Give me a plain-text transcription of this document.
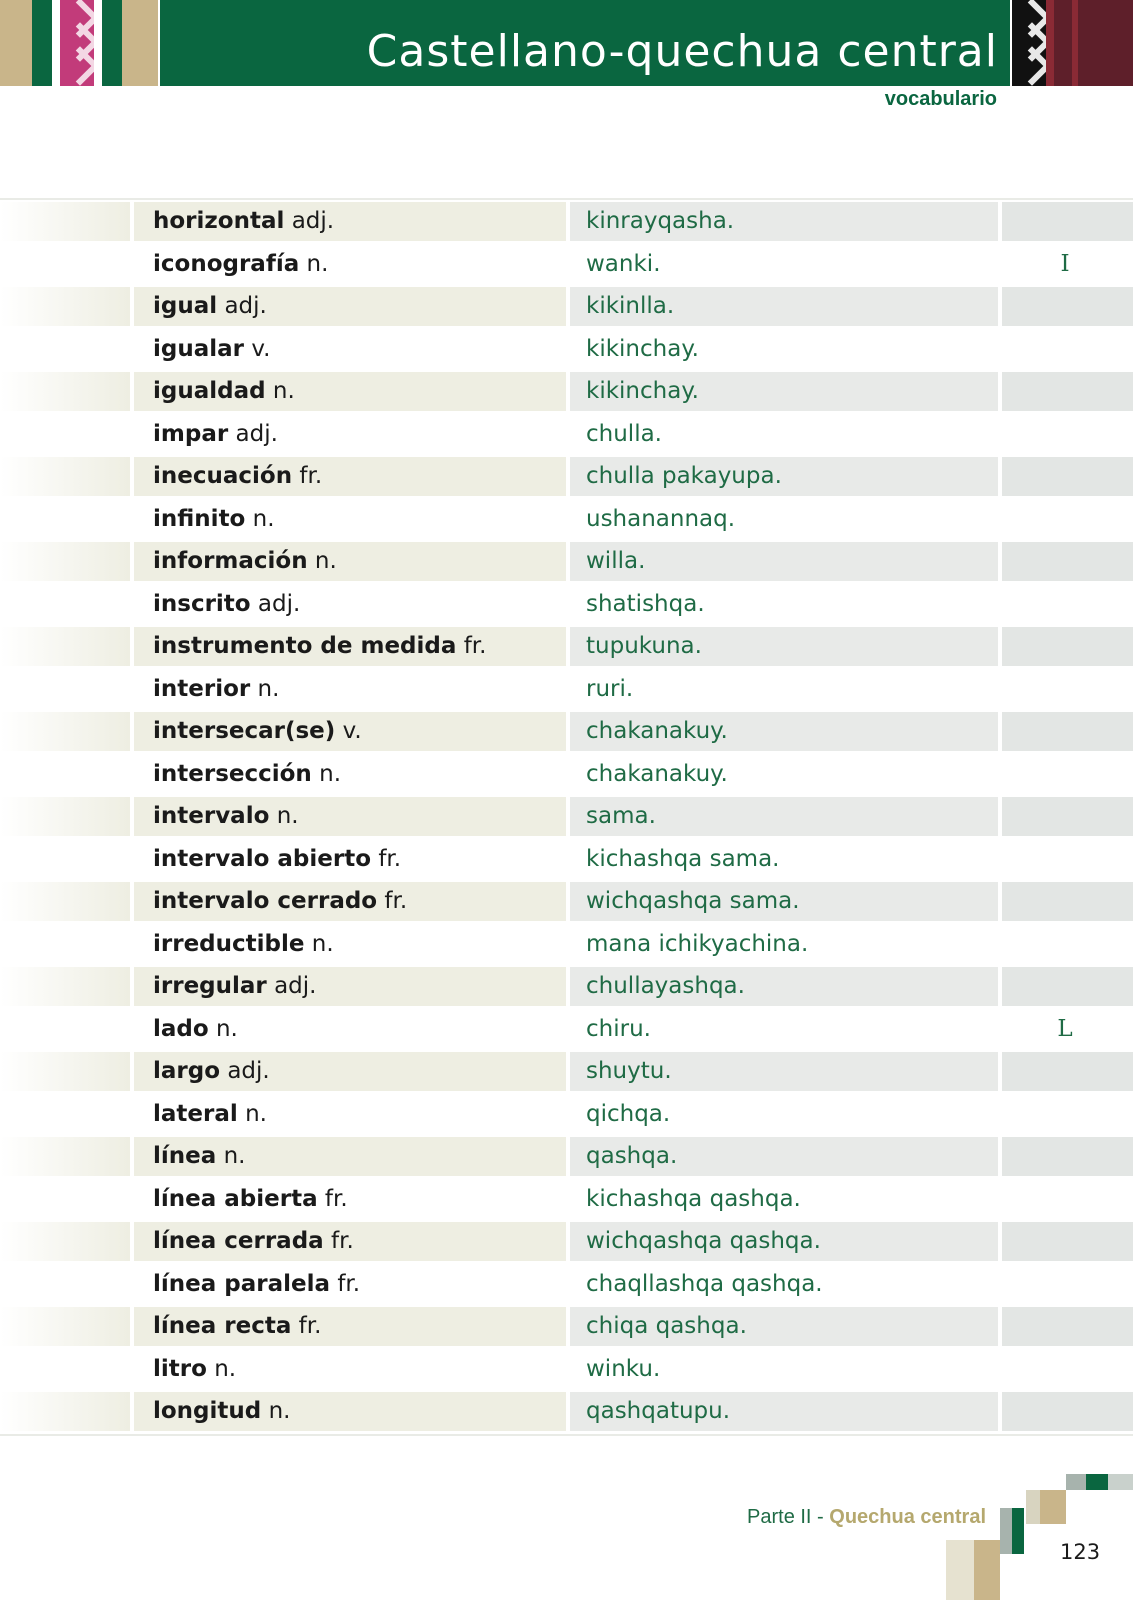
Castellano-quechua central
vocabulario
horizontal adj.	kinrayqasha.
iconografía n.	wanki.	I
igual adj.	kikinlla.
igualar v.	kikinchay.
igualdad n.	kikinchay.
impar adj.	chulla.
inecuación fr.	chulla pakayupa.
infinito n.	ushanannaq.
información n.	willa.
inscrito adj.	shatishqa.
instrumento de medida fr.	tupukuna.
interior n.	ruri.
intersecar(se) v.	chakanakuy.
intersección n.	chakanakuy.
intervalo n.	sama.
intervalo abierto fr.	kichashqa sama.
intervalo cerrado fr.	wichqashqa sama.
irreductible n.	mana ichikyachina.
irregular adj.	chullayashqa.
lado n.	chiru.	L
largo adj.	shuytu.
lateral n.	qichqa.
línea n.	qashqa.
línea abierta fr.	kichashqa qashqa.
línea cerrada fr.	wichqashqa qashqa.
línea paralela fr.	chaqllashqa qashqa.
línea recta fr.	chiqa qashqa.
litro n.	winku.
longitud n.	qashqatupu.
Parte II - Quechua central
123
